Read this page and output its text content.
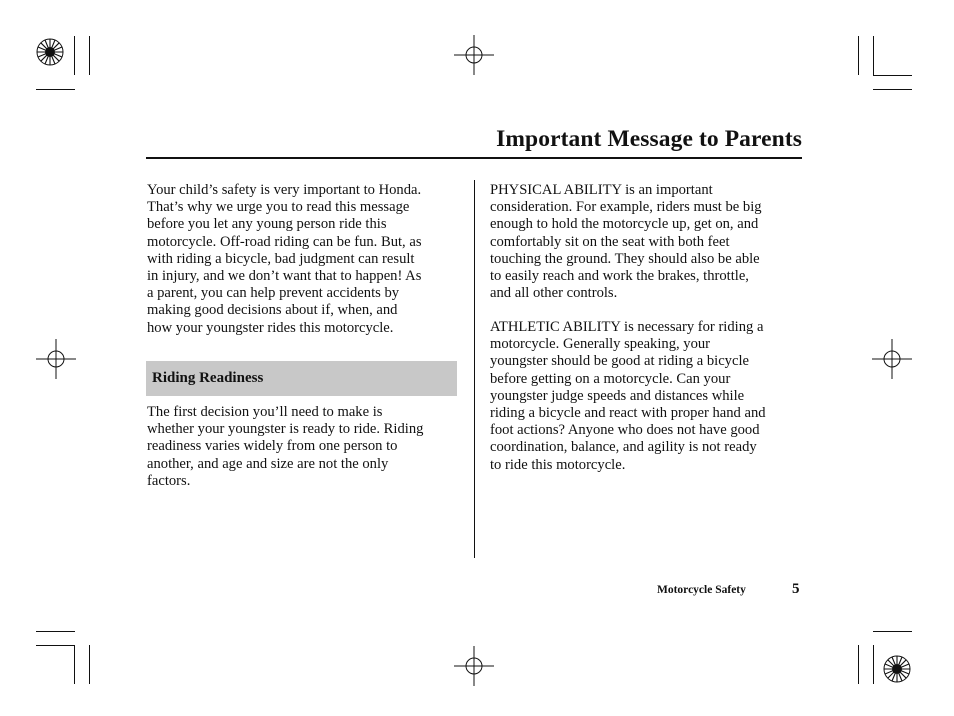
Important Message to Parents

Your child’s safety is very important to Honda.
That’s why we urge you to read this message
before you let any young person ride this
motorcycle. Off-road riding can be fun. But, as
with riding a bicycle, bad judgment can result
in injury, and we don’t want that to happen! As
a parent, you can help prevent accidents by
making good decisions about if, when, and
how your youngster rides this motorcycle.

Riding Readiness

The first decision you’ll need to make is
whether your youngster is ready to ride. Riding
readiness varies widely from one person to
another, and age and size are not the only
factors.

PHYSICAL ABILITY is an important
consideration. For example, riders must be big
enough to hold the motorcycle up, get on, and
comfortably sit on the seat with both feet
touching the ground. They should also be able
to easily reach and work the brakes, throttle,
and all other controls.

ATHLETIC ABILITY is necessary for riding a
motorcycle. Generally speaking, your
youngster should be good at riding a bicycle
before getting on a motorcycle. Can your
youngster judge speeds and distances while
riding a bicycle and react with proper hand and
foot actions? Anyone who does not have good
coordination, balance, and agility is not ready
to ride this motorcycle.

Motorcycle Safety	5
